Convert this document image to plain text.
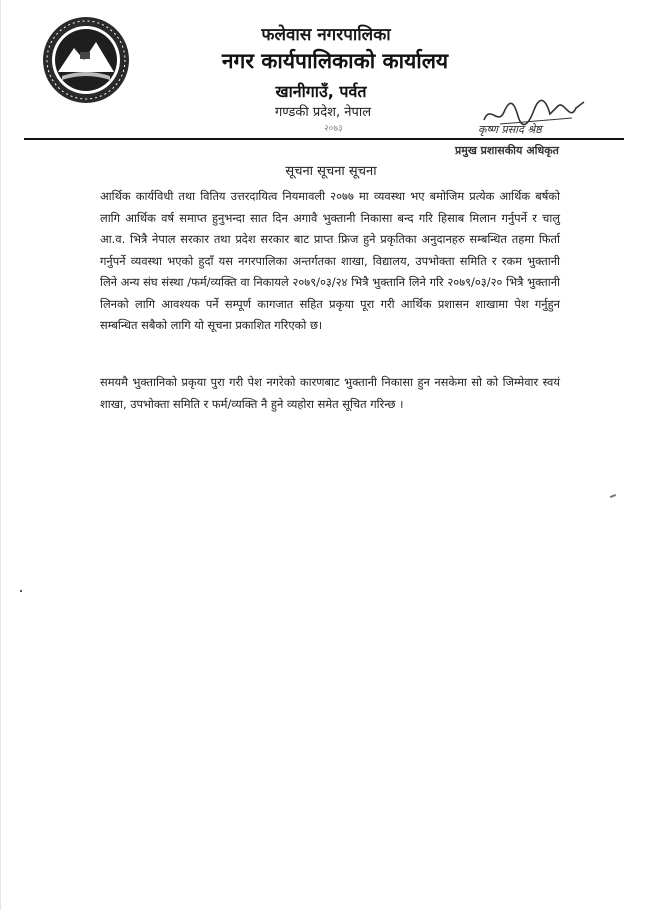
फलेवास नगरपालिका
नगर कार्यपालिकाको कार्यालय
खानीगाउँ, पर्वत
गण्डकी प्रदेश, नेपाल
२०७३	कृष्ण प्रसाद श्रेष्ठ
प्रमुख प्रशासकीय अधिकृत
सूचना सूचना सूचना
आर्थिक कार्यविधी तथा वितिय उत्तरदायित्व नियमावली २०७७ मा व्यवस्था भए बमोजिम प्रत्येक आर्थिक बर्षको लागि आर्थिक वर्ष समाप्त हुनुभन्दा सात दिन अगावै भुक्तानी निकासा बन्द गरि हिसाब मिलान गर्नुपर्ने र चालु आ.व. भित्रै नेपाल सरकार तथा प्रदेश सरकार बाट प्राप्त फ्रिज हुने प्रकृतिका अनुदानहरु सम्बन्धित तहमा फिर्ता गर्नुपर्ने व्यवस्था भएको हुदाँ यस नगरपालिका अन्तर्गतका शाखा, विद्यालय, उपभोक्ता समिति र रकम भुक्तानी लिने अन्य संघ संस्था /फर्म/व्यक्ति वा निकायले २०७९/०३/२४ भित्रै भुक्तानि लिने गरि २०७९/०३/२० भित्रै भुक्तानी लिनको लागि आवश्यक पर्ने सम्पूर्ण कागजात सहित प्रकृया पूरा गरी आर्थिक प्रशासन शाखामा पेश गर्नुहुन सम्बन्धित सबैको लागि यो सूचना प्रकाशित गरिएको छ।
समयमै भुक्तानिको प्रकृया पुरा गरी पेश नगरेको कारणबाट भुक्तानी निकासा हुन नसकेमा सो को जिम्मेवार स्वयं शाखा, उपभोक्ता समिति र फर्म/व्यक्ति नै हुने व्यहोरा समेत सूचित गरिन्छ ।
